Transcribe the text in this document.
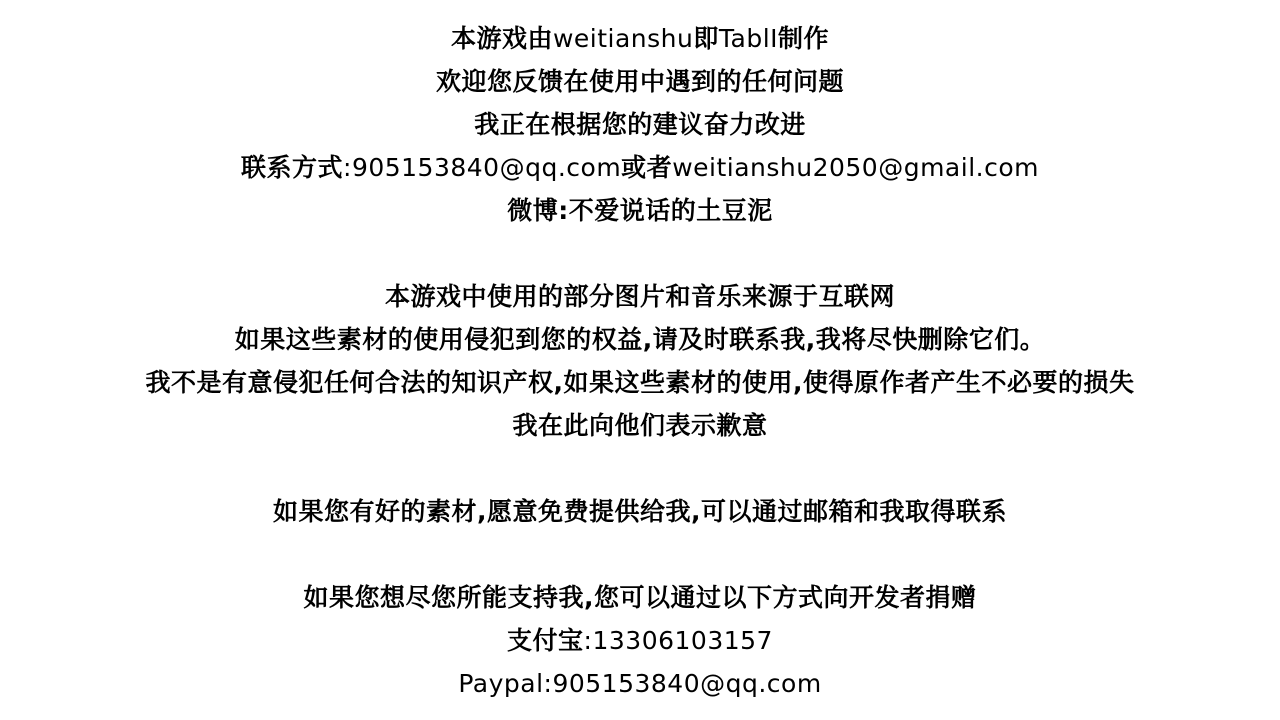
本游戏由weitianshu即TablI制作
欢迎您反馈在使用中遇到的任何问题
我正在根据您的建议奋力改进
联系方式:905153840@qq.com或者weitianshu2050@gmail.com
微博:不爱说话的土豆泥
本游戏中使用的部分图片和音乐来源于互联网
如果这些素材的使用侵犯到您的权益,请及时联系我,我将尽快删除它们。
我不是有意侵犯任何合法的知识产权,如果这些素材的使用,使得原作者产生不必要的损失
我在此向他们表示歉意
如果您有好的素材,愿意免费提供给我,可以通过邮箱和我取得联系
如果您想尽您所能支持我,您可以通过以下方式向开发者捐赠
支付宝:13306103157
Paypal:905153840@qq.com
